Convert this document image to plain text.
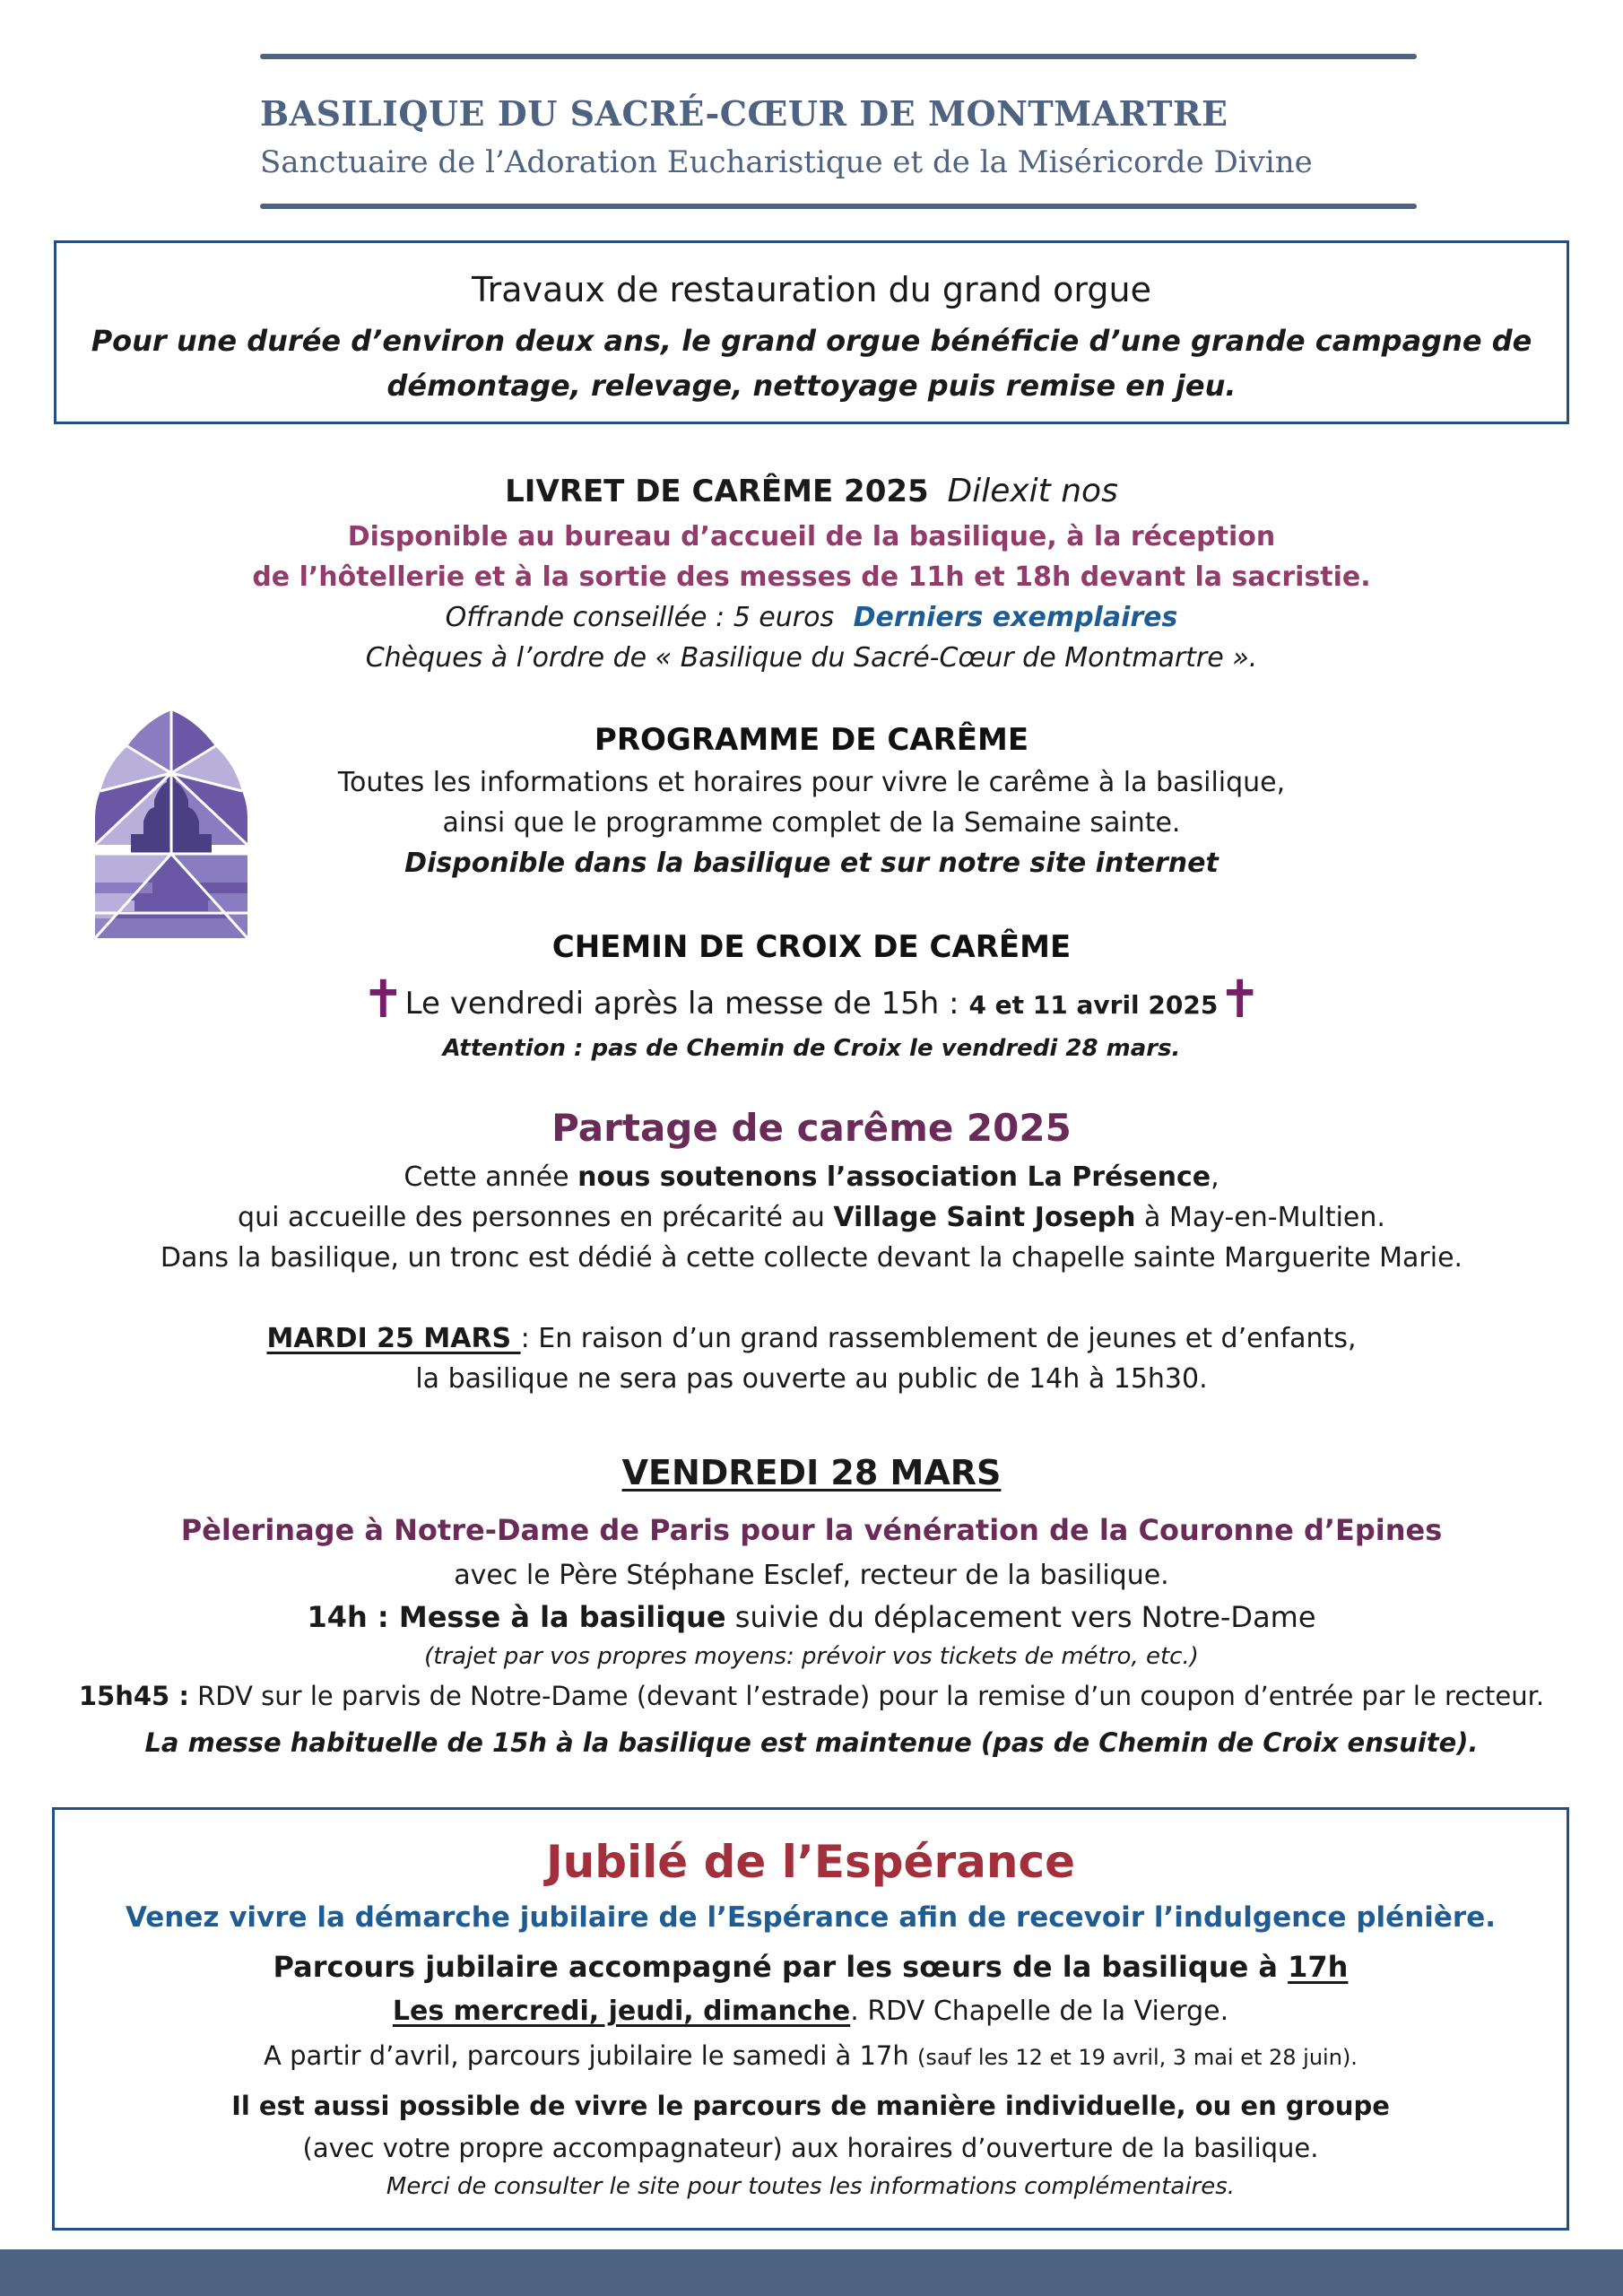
BASILIQUE DU SACRÉ-CŒUR DE MONTMARTRE
Sanctuaire de l’Adoration Eucharistique et de la Miséricorde Divine
Travaux de restauration du grand orgue
Pour une durée d’environ deux ans, le grand orgue bénéficie d’une grande campagne de
démontage, relevage, nettoyage puis remise en jeu.
LIVRET DE CARÊME 2025 Dilexit nos
Disponible au bureau d’accueil de la basilique, à la réception
de l’hôtellerie et à la sortie des messes de 11h et 18h devant la sacristie.
Offrande conseillée : 5 euros Derniers exemplaires
Chèques à l’ordre de « Basilique du Sacré-Cœur de Montmartre ».
PROGRAMME DE CARÊME
Toutes les informations et horaires pour vivre le carême à la basilique,
ainsi que le programme complet de la Semaine sainte.
Disponible dans la basilique et sur notre site internet
CHEMIN DE CROIX DE CARÊME
✝Le vendredi après la messe de 15h : 4 et 11 avril 2025✝
Attention : pas de Chemin de Croix le vendredi 28 mars.
Partage de carême 2025
Cette année nous soutenons l’association La Présence,
qui accueille des personnes en précarité au Village Saint Joseph à May-en-Multien.
Dans la basilique, un tronc est dédié à cette collecte devant la chapelle sainte Marguerite Marie.
MARDI 25 MARS : En raison d’un grand rassemblement de jeunes et d’enfants,
la basilique ne sera pas ouverte au public de 14h à 15h30.
VENDREDI 28 MARS
Pèlerinage à Notre-Dame de Paris pour la vénération de la Couronne d’Epines
avec le Père Stéphane Esclef, recteur de la basilique.
14h : Messe à la basilique suivie du déplacement vers Notre-Dame
(trajet par vos propres moyens: prévoir vos tickets de métro, etc.)
15h45 : RDV sur le parvis de Notre-Dame (devant l’estrade) pour la remise d’un coupon d’entrée par le recteur.
La messe habituelle de 15h à la basilique est maintenue (pas de Chemin de Croix ensuite).
Jubilé de l’Espérance
Venez vivre la démarche jubilaire de l’Espérance afin de recevoir l’indulgence plénière.
Parcours jubilaire accompagné par les sœurs de la basilique à 17h
Les mercredi, jeudi, dimanche. RDV Chapelle de la Vierge.
A partir d’avril, parcours jubilaire le samedi à 17h (sauf les 12 et 19 avril, 3 mai et 28 juin).
Il est aussi possible de vivre le parcours de manière individuelle, ou en groupe
(avec votre propre accompagnateur) aux horaires d’ouverture de la basilique.
Merci de consulter le site pour toutes les informations complémentaires.
